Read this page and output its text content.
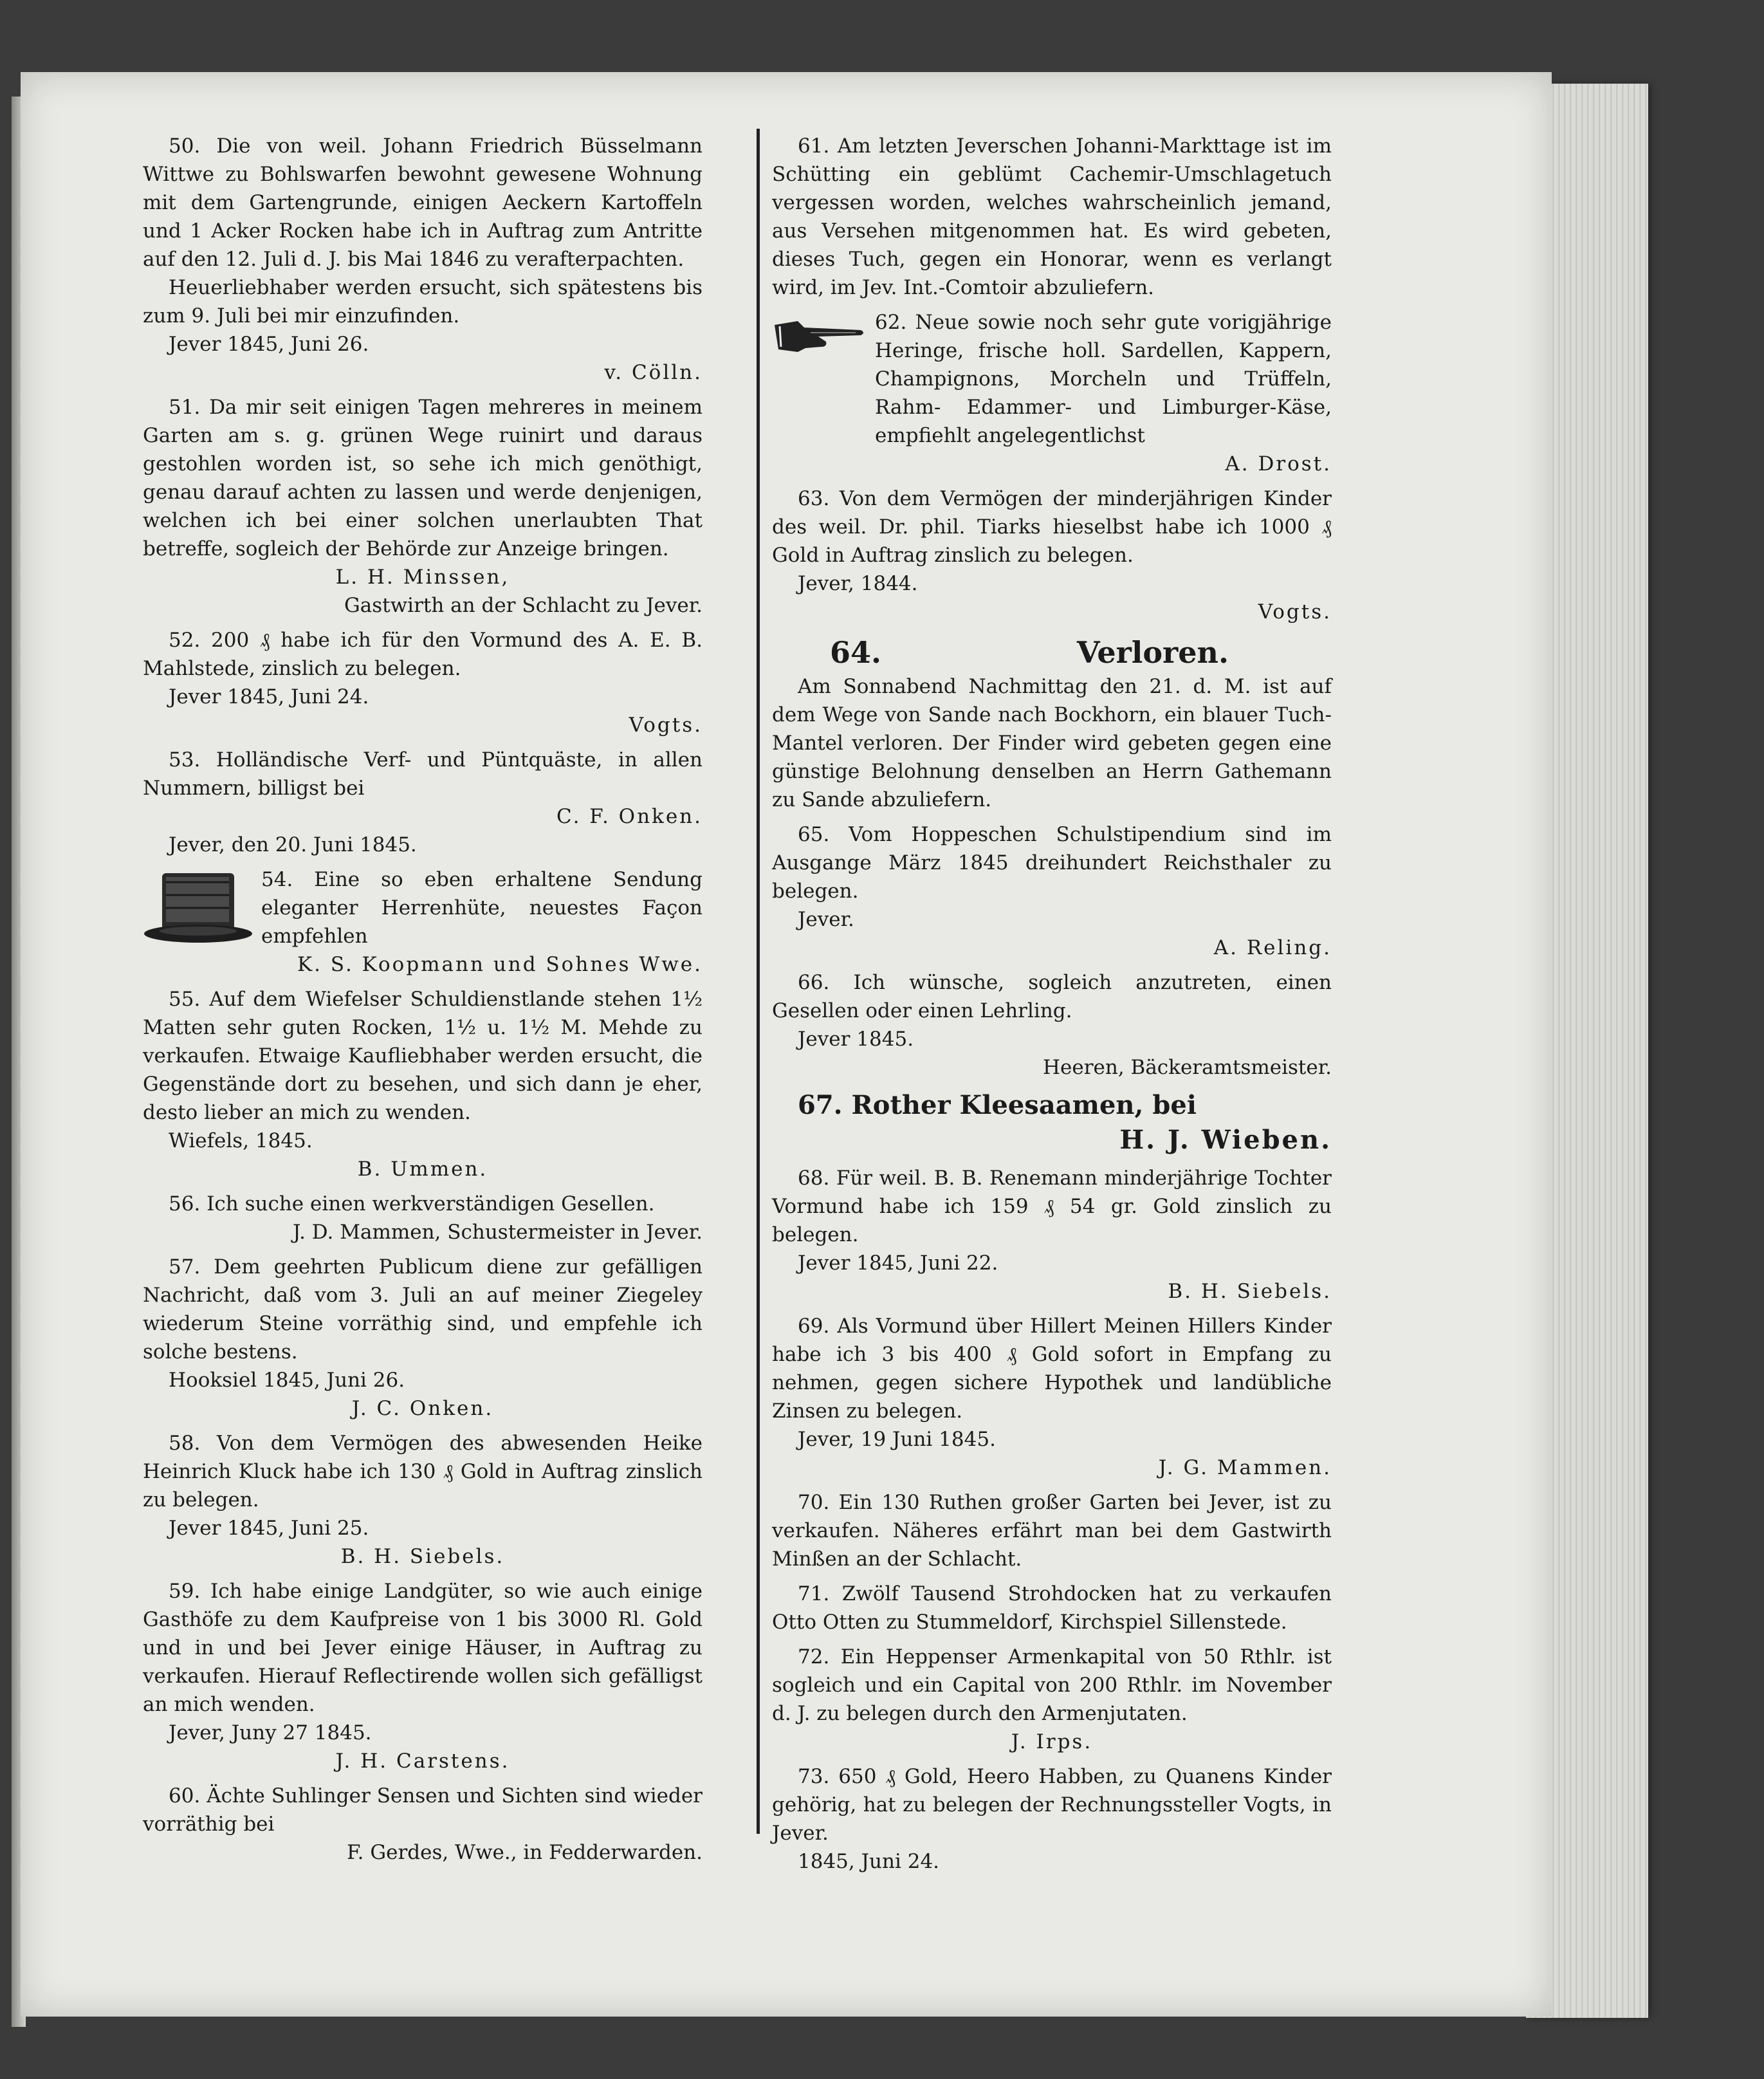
50. Die von weil. Johann Friedrich Büsselmann Wittwe zu Bohlswarfen bewohnt gewesene Wohnung mit dem Gartengrunde, einigen Aeckern Kartoffeln und 1 Acker Rocken habe ich in Auftrag zum Antritte auf den 12. Juli d. J. bis Mai 1846 zu verafterpachten.

Heuerliebhaber werden ersucht, sich spätestens bis zum 9. Juli bei mir einzufinden.

Jever 1845, Juni 26.

v. Cölln.

51. Da mir seit einigen Tagen mehreres in meinem Garten am s. g. grünen Wege ruinirt und daraus gestohlen worden ist, so sehe ich mich genöthigt, genau darauf achten zu lassen und werde denjenigen, welchen ich bei einer solchen unerlaubten That betreffe, sogleich der Behörde zur Anzeige bringen.

L. H. Minssen,

Gastwirth an der Schlacht zu Jever.

52. 200 ₰ habe ich für den Vormund des A. E. B. Mahlstede, zinslich zu belegen.

Jever 1845, Juni 24.

Vogts.

53. Holländische Verf- und Püntquäste, in allen Nummern, billigst bei

C. F. Onken.

Jever, den 20. Juni 1845.

54. Eine so eben erhaltene Sendung eleganter Herrenhüte, neuestes Façon empfehlen

K. S. Koopmann und Sohnes Wwe.

55. Auf dem Wiefelser Schuldienstlande stehen 1½ Matten sehr guten Rocken, 1½ u. 1½ M. Mehde zu verkaufen. Etwaige Kaufliebhaber werden ersucht, die Gegenstände dort zu besehen, und sich dann je eher, desto lieber an mich zu wenden.

Wiefels, 1845.

B. Ummen.

56. Ich suche einen werkverständigen Gesellen.

J. D. Mammen, Schustermeister in Jever.

57. Dem geehrten Publicum diene zur gefälligen Nachricht, daß vom 3. Juli an auf meiner Ziegeley wiederum Steine vorräthig sind, und empfehle ich solche bestens.

Hooksiel 1845, Juni 26.

J. C. Onken.

58. Von dem Vermögen des abwesenden Heike Heinrich Kluck habe ich 130 ₰ Gold in Auftrag zinslich zu belegen.

Jever 1845, Juni 25.

B. H. Siebels.

59. Ich habe einige Landgüter, so wie auch einige Gasthöfe zu dem Kaufpreise von 1 bis 3000 Rl. Gold und in und bei Jever einige Häuser, in Auftrag zu verkaufen. Hierauf Reflectirende wollen sich gefälligst an mich wenden.

Jever, Juny 27 1845.

J. H. Carstens.

60. Ächte Suhlinger Sensen und Sichten sind wieder vorräthig bei

F. Gerdes, Wwe., in Fedderwarden.

61. Am letzten Jeverschen Johanni-Markttage ist im Schütting ein geblümt Cachemir-Umschlagetuch vergessen worden, welches wahrscheinlich jemand, aus Versehen mitgenommen hat. Es wird gebeten, dieses Tuch, gegen ein Honorar, wenn es verlangt wird, im Jev. Int.-Comtoir abzuliefern.

62. Neue sowie noch sehr gute vorigjährige Heringe, frische holl. Sardellen, Kappern, Champignons, Morcheln und Trüffeln, Rahm- Edammer- und Limburger-Käse, empfiehlt angelegentlichst

A. Drost.

63. Von dem Vermögen der minderjährigen Kinder des weil. Dr. phil. Tiarks hieselbst habe ich 1000 ₰ Gold in Auftrag zinslich zu belegen.

Jever, 1844.

Vogts.

64.	Verloren.

Am Sonnabend Nachmittag den 21. d. M. ist auf dem Wege von Sande nach Bockhorn, ein blauer Tuch-Mantel verloren. Der Finder wird gebeten gegen eine günstige Belohnung denselben an Herrn Gathemann zu Sande abzuliefern.

65. Vom Hoppeschen Schulstipendium sind im Ausgange März 1845 dreihundert Reichsthaler zu belegen.

Jever.

A. Reling.

66. Ich wünsche, sogleich anzutreten, einen Gesellen oder einen Lehrling.

Jever 1845.

Heeren, Bäckeramtsmeister.

67. Rother Kleesaamen, bei

H. J. Wieben.

68. Für weil. B. B. Renemann minderjährige Tochter Vormund habe ich 159 ₰ 54 gr. Gold zinslich zu belegen.

Jever 1845, Juni 22.

B. H. Siebels.

69. Als Vormund über Hillert Meinen Hillers Kinder habe ich 3 bis 400 ₰ Gold sofort in Empfang zu nehmen, gegen sichere Hypothek und landübliche Zinsen zu belegen.

Jever, 19 Juni 1845.

J. G. Mammen.

70. Ein 130 Ruthen großer Garten bei Jever, ist zu verkaufen. Näheres erfährt man bei dem Gastwirth Minßen an der Schlacht.

71. Zwölf Tausend Strohdocken hat zu verkaufen Otto Otten zu Stummeldorf, Kirchspiel Sillenstede.

72. Ein Heppenser Armenkapital von 50 Rthlr. ist sogleich und ein Capital von 200 Rthlr. im November d. J. zu belegen durch den Armenjutaten.

J. Irps.

73. 650 ₰ Gold, Heero Habben, zu Quanens Kinder gehörig, hat zu belegen der Rechnungssteller Vogts, in Jever.

1845, Juni 24.
